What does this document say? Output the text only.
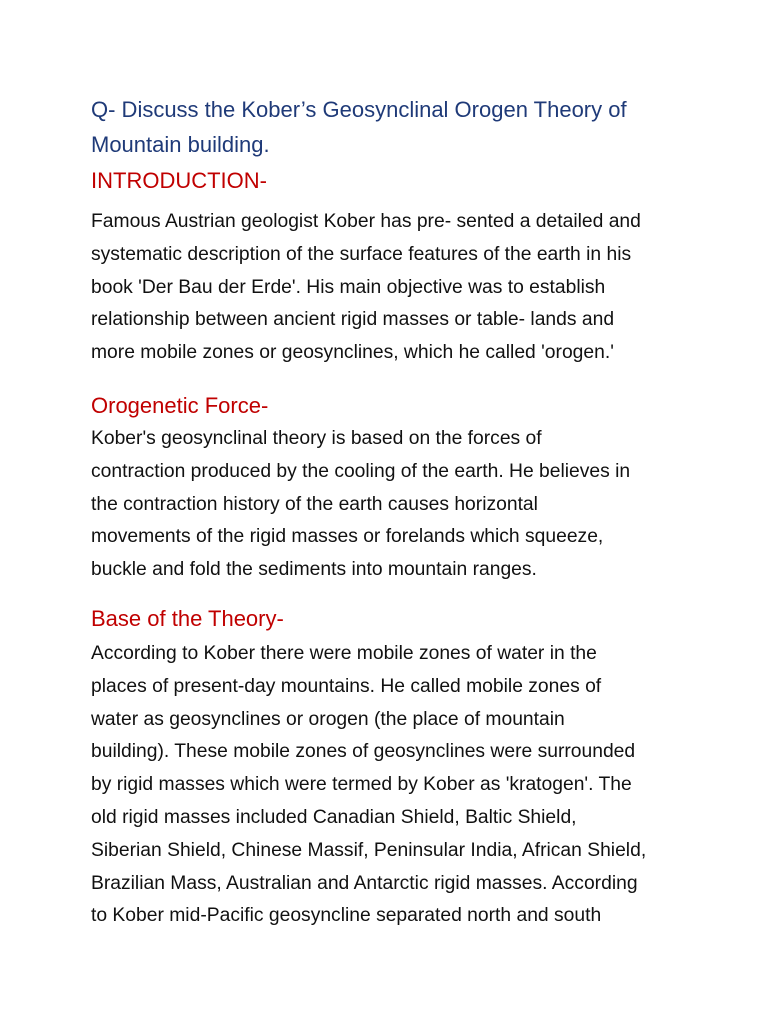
Q- Discuss the Kober’s Geosynclinal Orogen Theory of
Mountain building.
INTRODUCTION-

Famous Austrian geologist Kober has pre- sented a detailed and
systematic description of the surface features of the earth in his
book 'Der Bau der Erde'. His main objective was to establish
relationship between ancient rigid masses or table- lands and
more mobile zones or geosynclines, which he called 'orogen.'

Orogenetic Force-

Kober's geosynclinal theory is based on the forces of
contraction produced by the cooling of the earth. He believes in
the contraction history of the earth causes horizontal
movements of the rigid masses or forelands which squeeze,
buckle and fold the sediments into mountain ranges.

Base of the Theory-

According to Kober there were mobile zones of water in the
places of present-day mountains. He called mobile zones of
water as geosynclines or orogen (the place of mountain
building). These mobile zones of geosynclines were surrounded
by rigid masses which were termed by Kober as 'kratogen'. The
old rigid masses included Canadian Shield, Baltic Shield,
Siberian Shield, Chinese Massif, Peninsular India, African Shield,
Brazilian Mass, Australian and Antarctic rigid masses. According
to Kober mid-Pacific geosyncline separated north and south
